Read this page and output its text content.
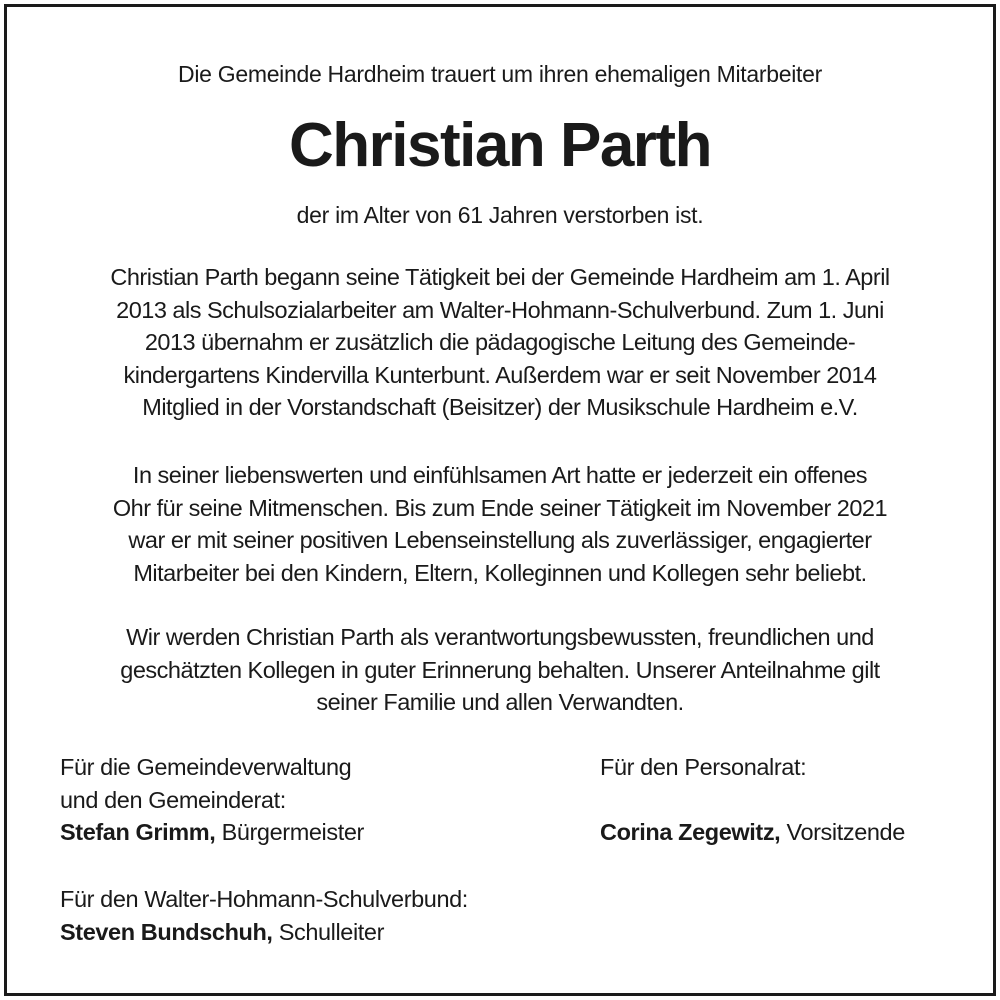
Die Gemeinde Hardheim trauert um ihren ehemaligen Mitarbeiter
Christian Parth
der im Alter von 61 Jahren verstorben ist.
Christian Parth begann seine Tätigkeit bei der Gemeinde Hardheim am 1. April
2013 als Schulsozialarbeiter am Walter-Hohmann-Schulverbund. Zum 1. Juni
2013 übernahm er zusätzlich die pädagogische Leitung des Gemeinde-
kindergartens Kindervilla Kunterbunt. Außerdem war er seit November 2014
Mitglied in der Vorstandschaft (Beisitzer) der Musikschule Hardheim e.V.
In seiner liebenswerten und einfühlsamen Art hatte er jederzeit ein offenes
Ohr für seine Mitmenschen. Bis zum Ende seiner Tätigkeit im November 2021
war er mit seiner positiven Lebenseinstellung als zuverlässiger, engagierter
Mitarbeiter bei den Kindern, Eltern, Kolleginnen und Kollegen sehr beliebt.
Wir werden Christian Parth als verantwortungsbewussten, freundlichen und
geschätzten Kollegen in guter Erinnerung behalten. Unserer Anteilnahme gilt
seiner Familie und allen Verwandten.
Für die Gemeindeverwaltung
und den Gemeinderat:
Stefan Grimm, Bürgermeister
Für den Personalrat:
Corina Zegewitz, Vorsitzende
Für den Walter-Hohmann-Schulverbund:
Steven Bundschuh, Schulleiter
